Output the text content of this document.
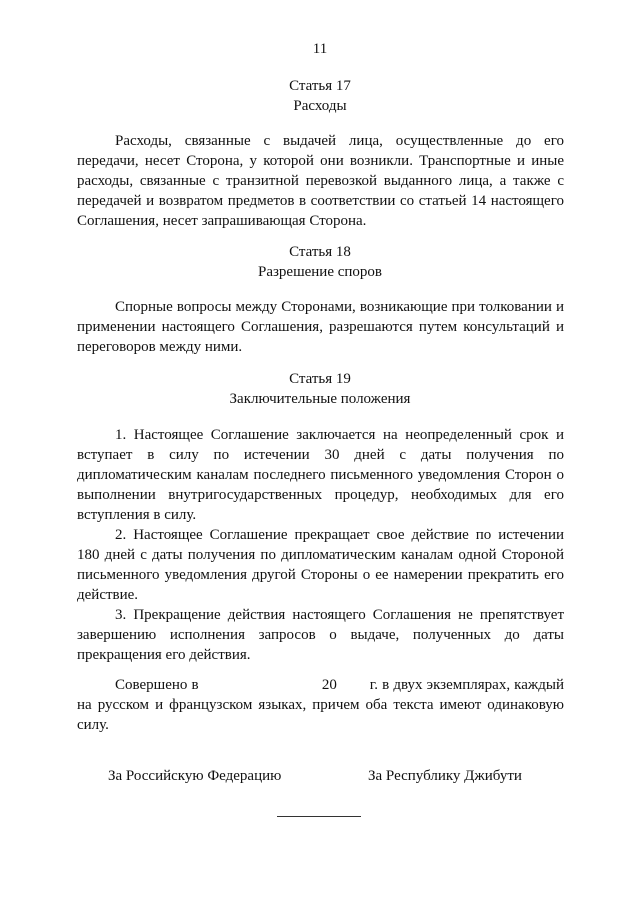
11
Статья 17
Расходы

Расходы, связанные с выдачей лица, осуществленные до его передачи, несет Сторона, у которой они возникли. Транспортные и иные расходы, связанные с транзитной перевозкой выданного лица, а также с передачей и возвратом предметов в соответствии со статьей 14 настоящего Соглашения, несет запрашивающая Сторона.

Статья 18
Разрешение споров

Спорные вопросы между Сторонами, возникающие при толковании и применении настоящего Соглашения, разрешаются путем консультаций и переговоров между ними.

Статья 19
Заключительные положения

1. Настоящее Соглашение заключается на неопределенный срок и вступает в силу по истечении 30 дней с даты получения по дипломатическим каналам последнего письменного уведомления Сторон о выполнении внутригосударственных процедур, необходимых для его вступления в силу.

2. Настоящее Соглашение прекращает свое действие по истечении 180 дней с даты получения по дипломатическим каналам одной Стороной письменного уведомления другой Стороны о ее намерении прекратить его действие.

3. Прекращение действия настоящего Соглашения не препятствует завершению исполнения запросов о выдаче, полученных до даты прекращения его действия.

Совершено в                              20        г. в двух экземплярах, каждый на русском и французском языках, причем оба текста имеют одинаковую силу.

За Российскую Федерацию	За Республику Джибути
